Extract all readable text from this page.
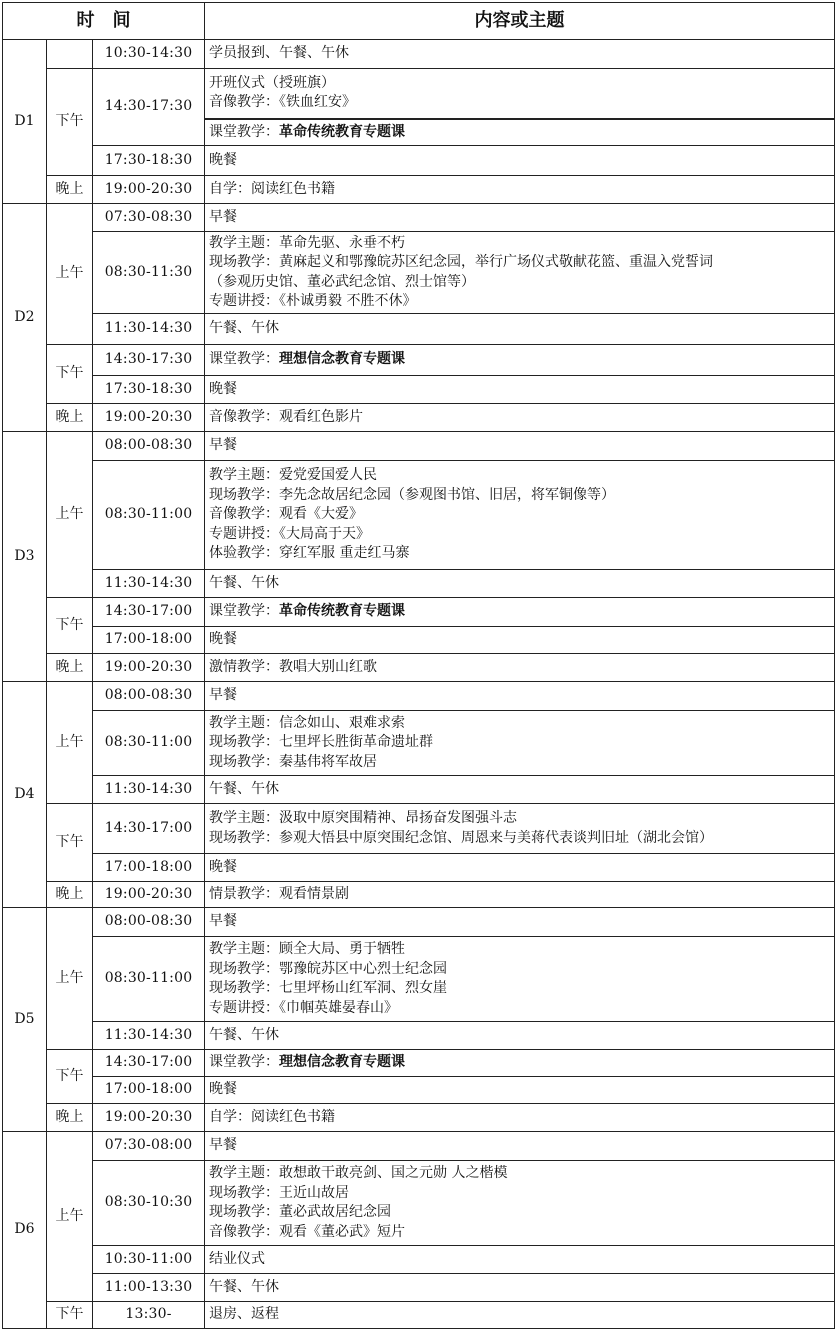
时　间			内容或主题
D1		10:30-14:30	学员报到、午餐、午休

	下午	14:30-17:30	开班仪式（授班旗）
音像教学：《铁血红安》

			课堂教学：革命传统教育专题课

		17:30-18:30	晚餐

	晚上	19:00-20:30	自学：阅读红色书籍

D2	上午	07:30-08:30	早餐

		08:30-11:30	教学主题：革命先驱、永垂不朽
现场教学：黄麻起义和鄂豫皖苏区纪念园，举行广场仪式敬献花篮、重温入党誓词
（参观历史馆、董必武纪念馆、烈士馆等）
专题讲授：《朴诚勇毅 不胜不休》

		11:30-14:30	午餐、午休

	下午	14:30-17:30	课堂教学：理想信念教育专题课

		17:30-18:30	晚餐

	晚上	19:00-20:30	音像教学：观看红色影片

D3	上午	08:00-08:30	早餐

		08:30-11:00	教学主题：爱党爱国爱人民
现场教学：李先念故居纪念园（参观图书馆、旧居，将军铜像等）
音像教学：观看《大爱》
专题讲授：《大局高于天》
体验教学：穿红军服 重走红马寨

		11:30-14:30	午餐、午休

	下午	14:30-17:00	课堂教学：革命传统教育专题课

		17:00-18:00	晚餐

	晚上	19:00-20:30	激情教学：教唱大别山红歌

D4	上午	08:00-08:30	早餐

		08:30-11:00	教学主题：信念如山、艰难求索
现场教学：七里坪长胜街革命遗址群
现场教学：秦基伟将军故居

		11:30-14:30	午餐、午休

	下午	14:30-17:00	教学主题：汲取中原突围精神、昂扬奋发图强斗志
现场教学：参观大悟县中原突围纪念馆、周恩来与美蒋代表谈判旧址（湖北会馆）

		17:00-18:00	晚餐

	晚上	19:00-20:30	情景教学：观看情景剧

D5	上午	08:00-08:30	早餐

		08:30-11:00	教学主题：顾全大局、勇于牺牲
现场教学：鄂豫皖苏区中心烈士纪念园
现场教学：七里坪杨山红军洞、烈女崖
专题讲授：《巾帼英雄晏春山》

		11:30-14:30	午餐、午休

	下午	14:30-17:00	课堂教学：理想信念教育专题课

		17:00-18:00	晚餐

	晚上	19:00-20:30	自学：阅读红色书籍

D6	上午	07:30-08:00	早餐

		08:30-10:30	教学主题：敢想敢干敢亮剑、国之元勋 人之楷模
现场教学：王近山故居
现场教学：董必武故居纪念园
音像教学：观看《董必武》短片

		10:30-11:00	结业仪式

		11:00-13:30	午餐、午休

	下午	13:30-	退房、返程
